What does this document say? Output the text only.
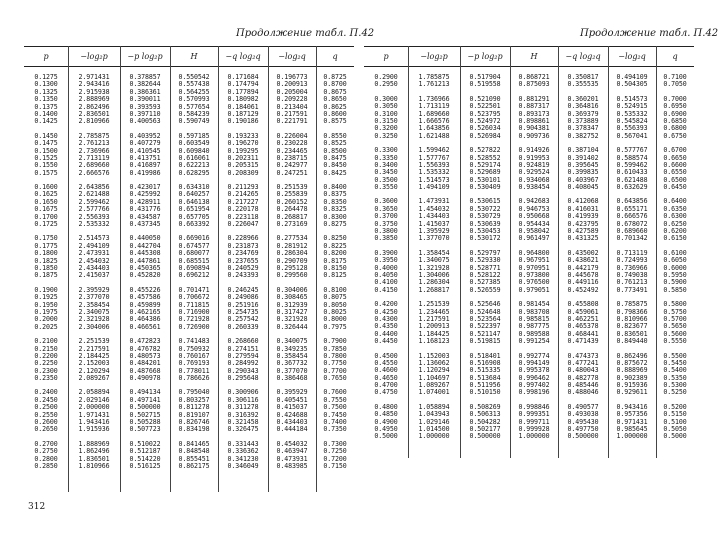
Продолжение табл. П.42	Продолжение табл. П.42
p	−log₂p	−p log₂p	H	−q log₂q	−log₂q	q	p	−log₂p	−p log₂p	H	−q log₂q	−log₂q	q
0.1275	2.971431	0.378857	0.550542	0.171684	0.196773	0.8725
0.1300	2.943416	0.382644	0.557438	0.174794	0.200913	0.8700
0.1325	2.915938	0.386361	0.564255	0.177894	0.205004	0.8675
0.1350	2.888969	0.390011	0.570993	0.180982	0.209228	0.8650
0.1375	2.862496	0.393593	0.577654	0.184061	0.213404	0.8625
0.1400	2.836501	0.397110	0.584239	0.187129	0.217591	0.8600
0.1425	2.810966	0.400563	0.590749	0.190186	0.221791	0.8575
0.1450	2.785875	0.403952	0.597185	0.193233	0.226004	0.8550
0.1475	2.761213	0.407279	0.603549	0.196270	0.230228	0.8525
0.1500	2.736966	0.410545	0.609840	0.199295	0.234465	0.8500
0.1525	2.713119	0.413751	0.616061	0.202311	0.238715	0.8475
0.1550	2.689660	0.416897	0.622213	0.205315	0.242977	0.8450
0.1575	2.666576	0.419986	0.628295	0.208309	0.247251	0.8425
0.1600	2.643856	0.423017	0.634310	0.211293	0.251539	0.8400
0.1625	2.621488	0.425992	0.640257	0.214265	0.255839	0.8375
0.1650	2.599462	0.428911	0.646138	0.217227	0.260152	0.8350
0.1675	2.577766	0.431776	0.651954	0.220178	0.264478	0.8325
0.1700	2.556393	0.434587	0.657705	0.223118	0.268817	0.8300
0.1725	2.535332	0.437345	0.663392	0.226047	0.273169	0.8275
0.1750	2.514573	0.440050	0.669016	0.228966	0.277534	0.8250
0.1775	2.494109	0.442704	0.674577	0.231873	0.281912	0.8225
0.1800	2.473931	0.445308	0.680077	0.234769	0.286304	0.8200
0.1825	2.454032	0.447861	0.685515	0.237655	0.290709	0.8175
0.1850	2.434403	0.450365	0.690894	0.240529	0.295128	0.8150
0.1875	2.415037	0.452820	0.696212	0.243393	0.299560	0.8125
0.1900	2.395929	0.455226	0.701471	0.246245	0.304006	0.8100
0.1925	2.377070	0.457586	0.706672	0.249086	0.308465	0.8075
0.1950	2.358454	0.459899	0.711815	0.251916	0.312939	0.8050
0.1975	2.340075	0.462165	0.716900	0.254735	0.317427	0.8025
0.2000	2.321928	0.464386	0.721928	0.257542	0.321928	0.8000
0.2025	2.304006	0.466561	0.726900	0.260339	0.326444	0.7975
0.2100	2.251539	0.472823	0.741483	0.268660	0.340075	0.7900
0.2150	2.217591	0.476782	0.750932	0.274151	0.349235	0.7850
0.2200	2.184425	0.480573	0.760167	0.279594	0.358454	0.7800
0.2250	2.152003	0.484201	0.769193	0.284992	0.367732	0.7750
0.2300	2.120294	0.487668	0.778011	0.290343	0.377070	0.7700
0.2350	2.089267	0.490978	0.786626	0.295648	0.386468	0.7650
0.2400	2.058894	0.494134	0.795040	0.300906	0.395929	0.7600
0.2450	2.029146	0.497141	0.803257	0.306116	0.405451	0.7550
0.2500	2.000000	0.500000	0.811278	0.311278	0.415037	0.7500
0.2550	1.971431	0.502715	0.819107	0.316392	0.424688	0.7450
0.2600	1.943416	0.505288	0.826746	0.321458	0.434403	0.7400
0.2650	1.915936	0.507723	0.834198	0.326475	0.444184	0.7350
0.2700	1.888969	0.510022	0.841465	0.331443	0.454032	0.7300
0.2750	1.862496	0.512187	0.848548	0.336362	0.463947	0.7250
0.2800	1.836501	0.514220	0.855451	0.341230	0.473931	0.7200
0.2850	1.810966	0.516125	0.862175	0.346049	0.483985	0.7150
0.2900	1.785875	0.517904	0.868721	0.350817	0.494109	0.7100
0.2950	1.761213	0.519558	0.875093	0.355535	0.504305	0.7050
0.3000	1.736966	0.521090	0.881291	0.360201	0.514573	0.7000
0.3050	1.713119	0.522501	0.887317	0.364816	0.524915	0.6950
0.3100	1.689660	0.523795	0.893173	0.369379	0.535332	0.6900
0.3150	1.666576	0.524972	0.898861	0.373889	0.545824	0.6850
0.3200	1.643856	0.526034	0.904381	0.378347	0.556393	0.6800
0.3250	1.621488	0.526984	0.909736	0.382752	0.567041	0.6750
0.3300	1.599462	0.527822	0.914926	0.387104	0.577767	0.6700
0.3350	1.577767	0.528552	0.919953	0.391402	0.588574	0.6650
0.3400	1.556393	0.529174	0.924819	0.395645	0.599462	0.6600
0.3450	1.535332	0.529689	0.929524	0.399835	0.610433	0.6550
0.3500	1.514573	0.530101	0.934068	0.403967	0.621488	0.6500
0.3550	1.494109	0.530409	0.938454	0.408045	0.632629	0.6450
0.3600	1.473931	0.530615	0.942683	0.412068	0.643856	0.6400
0.3650	1.454032	0.530722	0.946753	0.416031	0.655171	0.6350
0.3700	1.434403	0.530729	0.950668	0.419939	0.666576	0.6300
0.3750	1.415037	0.530639	0.954434	0.423795	0.678072	0.6250
0.3800	1.395929	0.530453	0.958042	0.427589	0.689660	0.6200
0.3850	1.377070	0.530172	0.961497	0.431325	0.701342	0.6150
0.3900	1.358454	0.529797	0.964800	0.435002	0.713119	0.6100
0.3950	1.340075	0.529330	0.967951	0.438621	0.724993	0.6050
0.4000	1.321928	0.528771	0.970951	0.442179	0.736966	0.6000
0.4050	1.304006	0.528122	0.973800	0.445678	0.749038	0.5950
0.4100	1.286304	0.527385	0.976500	0.449116	0.761213	0.5900
0.4150	1.268817	0.526559	0.979051	0.452492	0.773491	0.5850
0.4200	1.251539	0.525646	0.981454	0.455808	0.785875	0.5800
0.4250	1.234465	0.524648	0.983708	0.459061	0.798366	0.5750
0.4300	1.217591	0.523564	0.985815	0.462251	0.810966	0.5700
0.4350	1.200913	0.522397	0.987775	0.465378	0.823677	0.5650
0.4400	1.184425	0.521147	0.989588	0.468441	0.836501	0.5600
0.4450	1.168123	0.519815	0.991254	0.471439	0.849440	0.5550
0.4500	1.152003	0.518401	0.992774	0.474373	0.862496	0.5500
0.4550	1.136062	0.516908	0.994149	0.477241	0.875672	0.5450
0.4600	1.120294	0.515335	0.995378	0.480043	0.888969	0.5400
0.4650	1.104697	0.513684	0.996462	0.482778	0.902389	0.5350
0.4700	1.089267	0.511956	0.997402	0.485446	0.915936	0.5300
0.4750	1.074001	0.510150	0.998196	0.488046	0.929611	0.5250
0.4800	1.058894	0.508269	0.998846	0.490577	0.943416	0.5200
0.4850	1.043943	0.506313	0.999351	0.493038	0.957356	0.5150
0.4900	1.029146	0.504282	0.999711	0.495430	0.971431	0.5100
0.4950	1.014500	0.502177	0.999928	0.497750	0.985645	0.5050
0.5000	1.000000	0.500000	1.000000	0.500000	1.000000	0.5000
312
